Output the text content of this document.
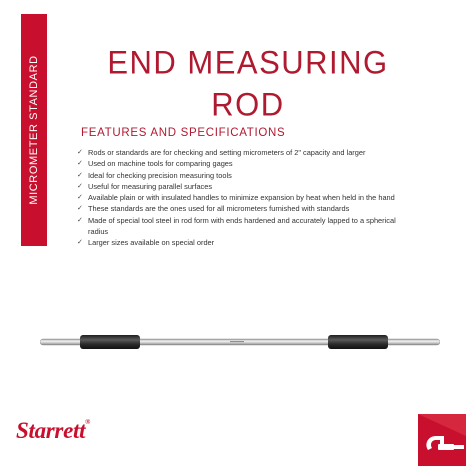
MICROMETER STANDARD	END MEASURING
ROD
FEATURES AND SPECIFICATIONS
✓ Rods or standards are for checking and setting micrometers of 2" capacity and larger
✓ Used on machine tools for comparing gages
✓ Ideal for checking precision measuring tools
✓ Useful for measuring parallel surfaces
✓ Available plain or with insulated handles to minimize expansion by heat when held in the hand
✓ These standards are the ones used for all micrometers furnished with standards
✓ Made of special tool steel in rod form with ends hardened and accurately lapped to a spherical radius
✓ Larger sizes available on special order
Starrett®
